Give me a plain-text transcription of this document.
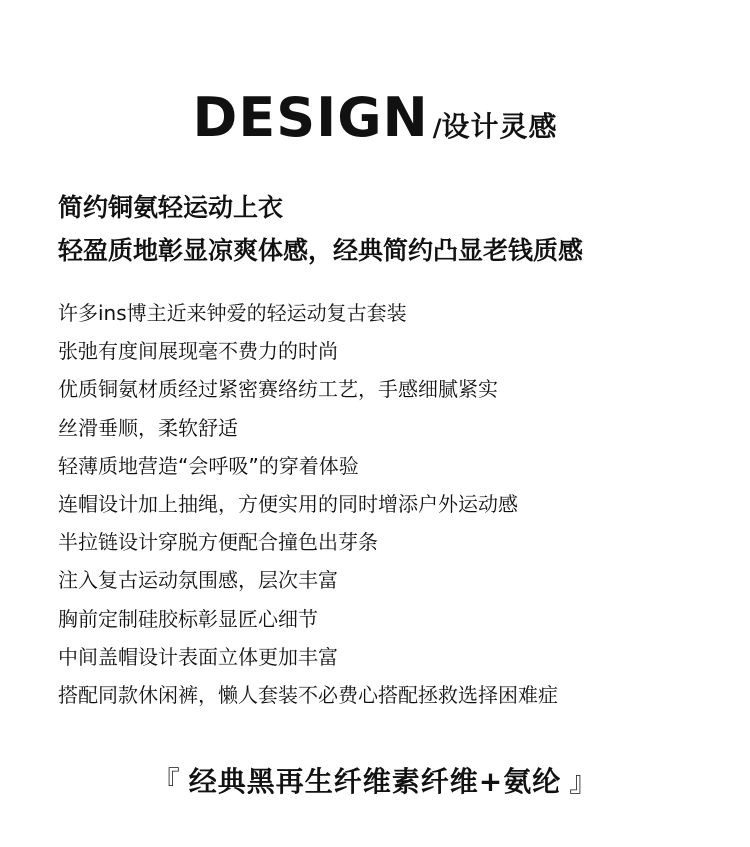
DESIGN /设计灵感

简约铜氨轻运动上衣

轻盈质地彰显凉爽体感，经典简约凸显老钱质感

许多ins博主近来钟爱的轻运动复古套装
张弛有度间展现毫不费力的时尚
优质铜氨材质经过紧密赛络纺工艺，手感细腻紧实
丝滑垂顺，柔软舒适
轻薄质地营造“会呼吸”的穿着体验
连帽设计加上抽绳，方便实用的同时增添户外运动感
半拉链设计穿脱方便配合撞色出芽条
注入复古运动氛围感，层次丰富
胸前定制硅胶标彰显匠心细节
中间盖帽设计表面立体更加丰富
搭配同款休闲裤，懒人套装不必费心搭配拯救选择困难症
『 经典黑再生纤维素纤维+氨纶 』
